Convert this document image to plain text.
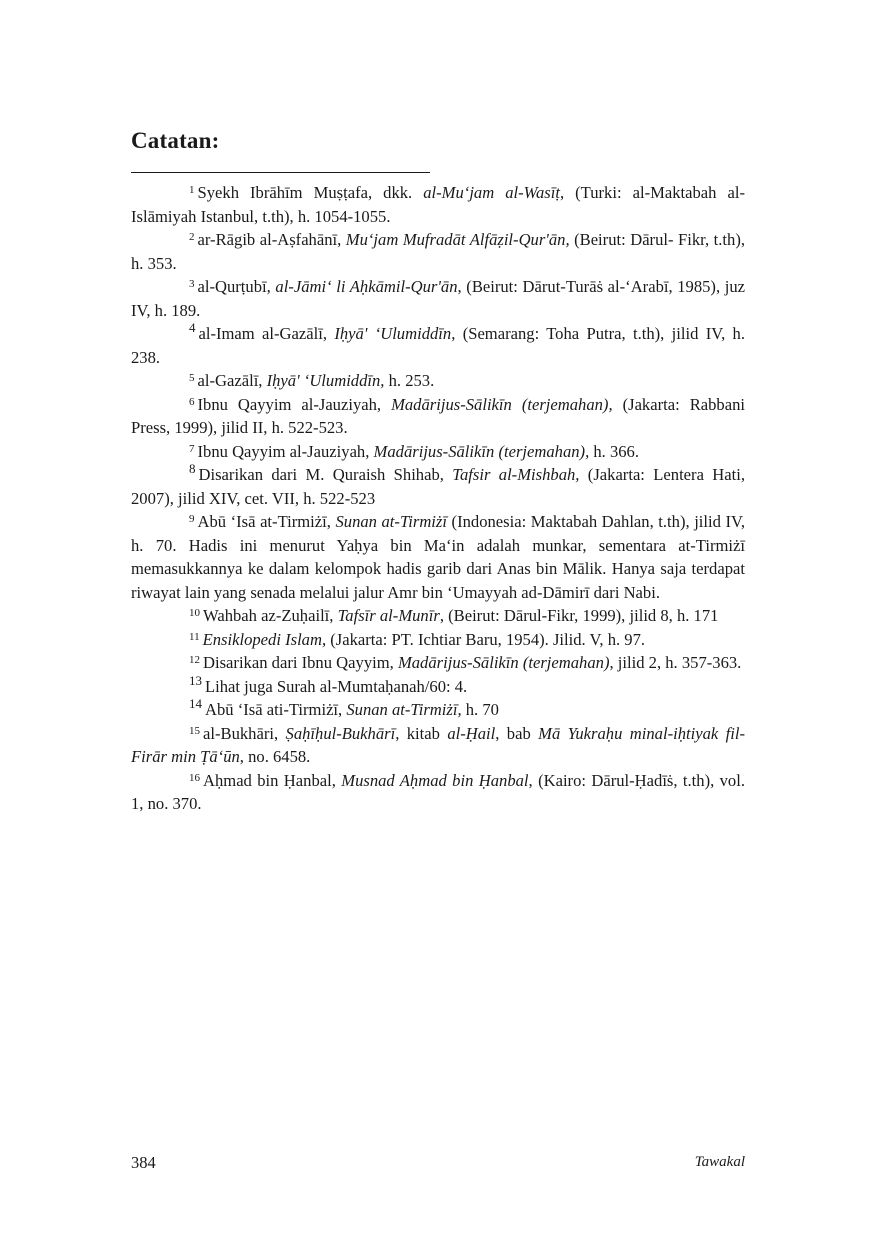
Catatan:

$^1$ Syekh Ibrāhīm Muṣṭafa, dkk. al-Mu‘jam al-Wasīṭ, (Turki: al-Maktabah al-Islāmiyah Istanbul, t.th), h. 1054-1055.

$^2$ ar-Rāgib al-Aṣfahānī, Mu‘jam Mufradāt Alfāẓil-Qur'ān, (Beirut: Dārul- Fikr, t.th), h. 353.

$^3$ al-Qurṭubī, al-Jāmi‘ li Aḥkāmil-Qur'ān, (Beirut: Dārut-Turāṡ al-‘Arabī, 1985), juz IV, h. 189.

$^4$ al-Imam al-Gazālī, Iḥyā' ‘Ulumiddīn, (Semarang: Toha Putra, t.th), jilid IV, h. 238.

$^5$ al-Gazālī, Iḥyā' ‘Ulumiddīn, h. 253.

$^6$ Ibnu Qayyim al-Jauziyah, Madārijus-Sālikīn (terjemahan), (Jakarta: Rabbani Press, 1999), jilid II, h. 522-523.

$^7$ Ibnu Qayyim al-Jauziyah, Madārijus-Sālikīn (terjemahan), h. 366.

$^8$ Disarikan dari M. Quraish Shihab, Tafsir al-Mishbah, (Jakarta: Lentera Hati, 2007), jilid XIV, cet. VII, h. 522-523

$^9$ Abū ‘Isā at-Tirmiżī, Sunan at-Tirmiżī (Indonesia: Maktabah Dahlan, t.th), jilid IV, h. 70. Hadis ini menurut Yaḥya bin Ma‘in adalah munkar, sementara at-Tirmiżī memasukkannya ke dalam kelompok hadis garib dari Anas bin Mālik. Hanya saja terdapat riwayat lain yang senada melalui jalur Amr bin ‘Umayyah ad-Dāmirī dari Nabi.

$^{10}$ Wahbah az-Zuḥailī, Tafsīr al-Munīr, (Beirut: Dārul-Fikr, 1999), jilid 8, h. 171

$^{11}$ Ensiklopedi Islam, (Jakarta: PT. Ichtiar Baru, 1954). Jilid. V, h. 97.

$^{12}$ Disarikan dari Ibnu Qayyim, Madārijus-Sālikīn (terjemahan), jilid 2, h. 357-363.

$^{13}$ Lihat juga Surah al-Mumtaḥanah/60: 4.

$^{14}$ Abū ‘Isā ati-Tirmiżī, Sunan at-Tirmiżī, h. 70

$^{15}$ al-Bukhāri, Ṣaḥīḥul-Bukhārī, kitab al-Ḥail, bab Mā Yukraḥu minal-iḥtiyak fil-Firār min Ṭā‘ūn, no. 6458.

$^{16}$ Aḥmad bin Ḥanbal, Musnad Aḥmad bin Ḥanbal, (Kairo: Dārul-Ḥadīṡ, t.th), vol. 1, no. 370.

384	Tawakal
